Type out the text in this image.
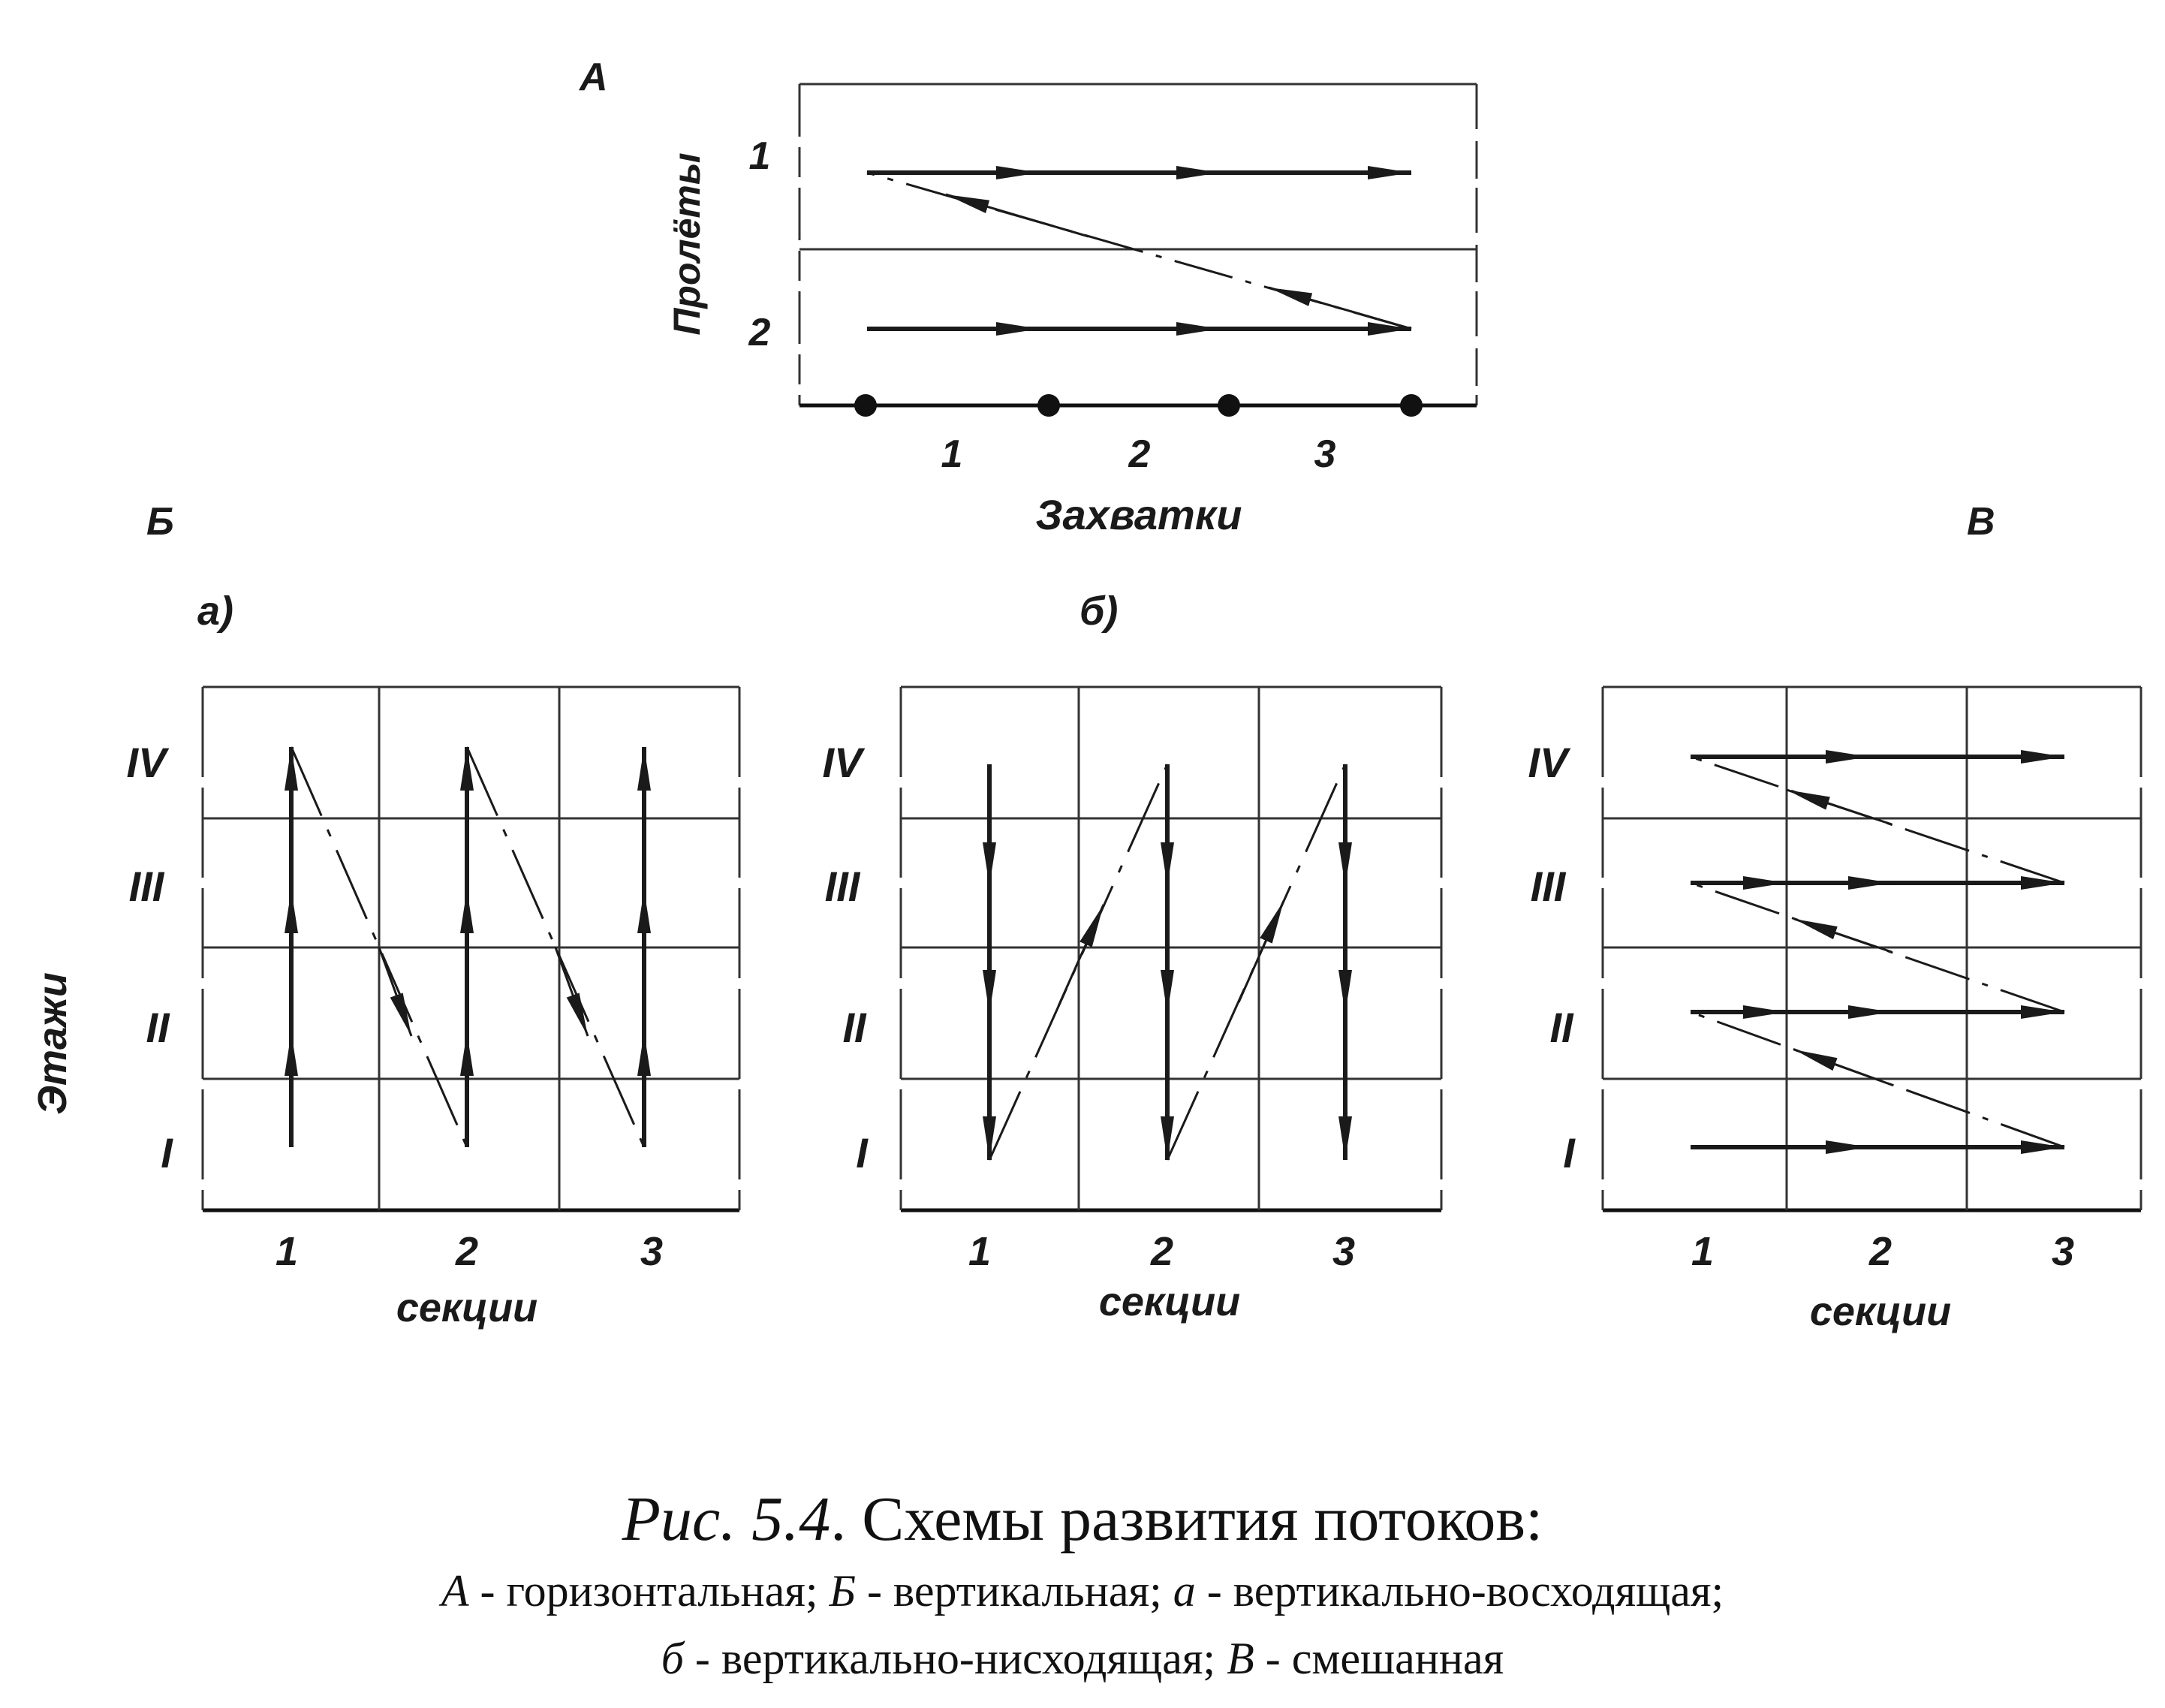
А
Пролёты 1
2
1	2	3
Захватки
Б
а)	б)
Этажи
IV
III
II
I
1	2	3
секции
IV
III
II
I
1	2	3
секции
В
IV
III
II
I
1	2	3
секции
Рис. 5.4. Схемы развития потоков:
А - горизонтальная; Б - вертикальная; а - вертикально-восходящая;
б - вертикально-нисходящая; В - смешанная
